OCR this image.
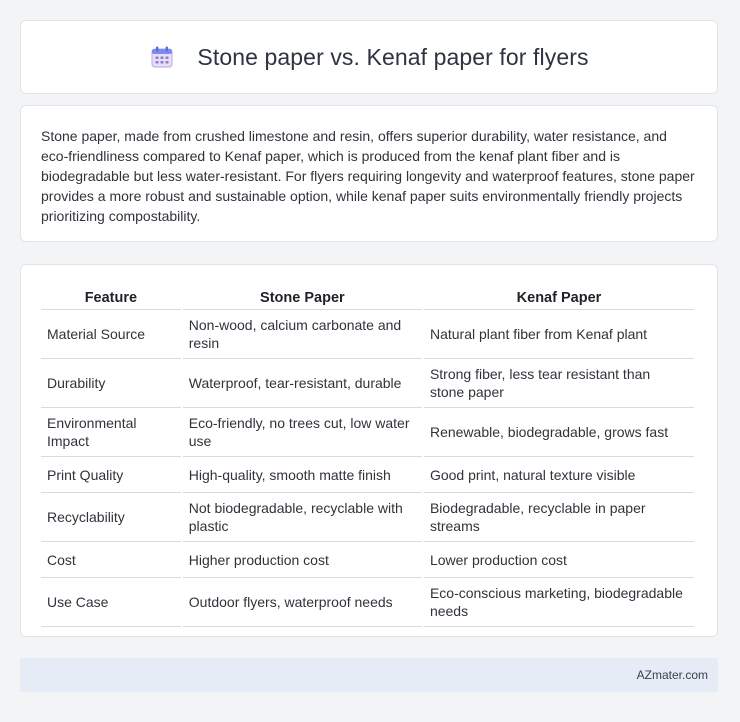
Stone paper vs. Kenaf paper for flyers

Stone paper, made from crushed limestone and resin, offers superior durability, water resistance, and eco-friendliness compared to Kenaf paper, which is produced from the kenaf plant fiber and is biodegradable but less water-resistant. For flyers requiring longevity and waterproof features, stone paper provides a more robust and sustainable option, while kenaf paper suits environmentally friendly projects prioritizing compostability.

Feature	Stone Paper	Kenaf Paper
Material Source	Non-wood, calcium carbonate and resin	Natural plant fiber from Kenaf plant
Durability	Waterproof, tear-resistant, durable	Strong fiber, less tear resistant than stone paper
Environmental Impact	Eco-friendly, no trees cut, low water use	Renewable, biodegradable, grows fast
Print Quality	High-quality, smooth matte finish	Good print, natural texture visible
Recyclability	Not biodegradable, recyclable with plastic	Biodegradable, recyclable in paper streams
Cost	Higher production cost	Lower production cost
Use Case	Outdoor flyers, waterproof needs	Eco-conscious marketing, biodegradable needs
AZmater.com
